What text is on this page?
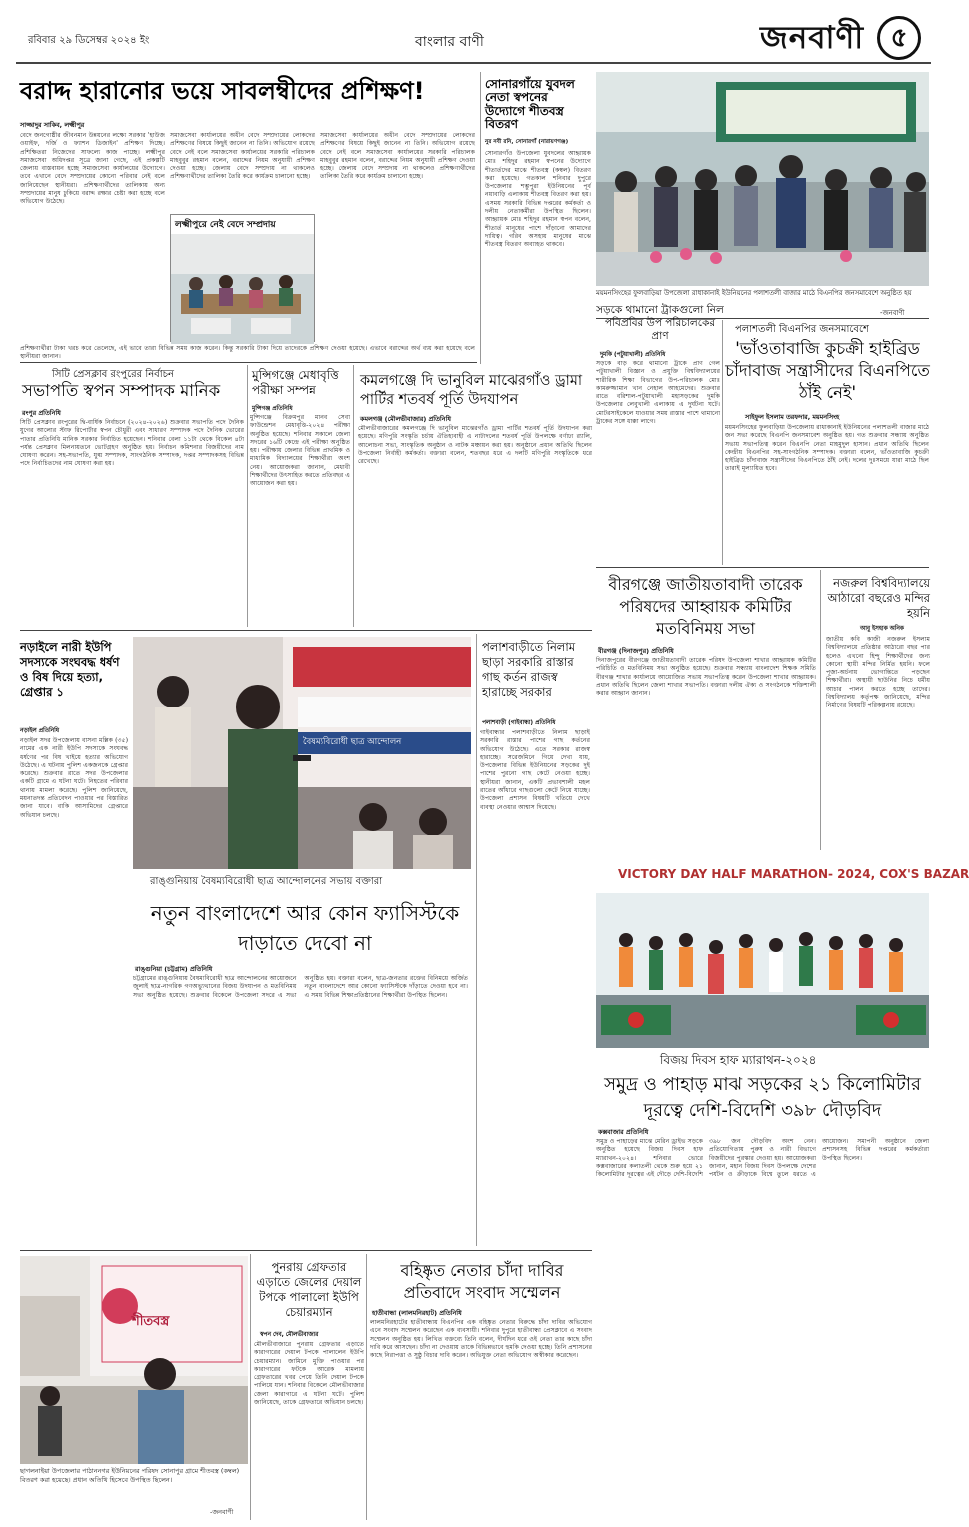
রবিবার ২৯ ডিসেম্বর ২০২৪ ইং	বাংলার বাণী	জনবাণী	৫
বরাদ্দ হারানোর ভয়ে সাবলম্বীদের প্রশিক্ষণ!
সাজ্জাদুর সাকিব, লক্ষ্মীপুর
বেদে জনগোষ্ঠীর জীবনমান উন্নয়নের লক্ষ্যে সরকার 'হাউজ ওয়াইফ, দর্জি ও ফ্যাশন ডিজাইন' প্রশিক্ষণ দিচ্ছে। প্রশিক্ষিতরা নিজেদের সাফল্যে কাজ পাচ্ছে। লক্ষ্মীপুর সমাজসেবা অধিদপ্তর সূত্রে জানা গেছে, এই প্রকল্পটি জেলায় বাস্তবায়ন হচ্ছে সমাজসেবা কার্যালয়ের উদ্যোগে। তবে এখানে বেদে সম্প্রদায়ের কোনো পরিবার নেই বলে জানিয়েছেন স্থানীয়রা। প্রশিক্ষণার্থীদের তালিকায় অন্য সম্প্রদায়ের মানুষ ঢুকিয়ে বরাদ্দ রক্ষার চেষ্টা করা হচ্ছে বলে অভিযোগ উঠেছে।
সমাজসেবা কার্যালয়ের অধীন বেদে সম্প্রদায়ের লোকদের প্রশিক্ষণের বিষয়ে কিছুই জানেন না তিনি। অভিযোগ রয়েছে বেদে নেই বলে সমাজসেবা কার্যালয়ের সরকারি পরিচালক মাহবুবুর রহমান বলেন, বরাদ্দের নিয়ম অনুযায়ী প্রশিক্ষণ দেওয়া হচ্ছে। জেলায় বেদে সম্প্রদায় না থাকলেও প্রশিক্ষণার্থীদের তালিকা তৈরি করে কার্যক্রম চালানো হচ্ছে।
সমাজসেবা কার্যালয়ের অধীন বেদে সম্প্রদায়ের লোকদের প্রশিক্ষণের বিষয়ে কিছুই জানেন না তিনি। অভিযোগ রয়েছে বেদে নেই বলে সমাজসেবা কার্যালয়ের সরকারি পরিচালক মাহবুবুর রহমান বলেন, বরাদ্দের নিয়ম অনুযায়ী প্রশিক্ষণ দেওয়া হচ্ছে। জেলায় বেদে সম্প্রদায় না থাকলেও প্রশিক্ষণার্থীদের তালিকা তৈরি করে কার্যক্রম চালানো হচ্ছে।
লক্ষ্মীপুরে নেই বেদে সম্প্রদায়
প্রশিক্ষণার্থীরা টাকা খরচ করে তেলেছে, এই ভাবে তারা বিভিন্ন সময় কাজ করেন। কিন্তু সরকারি টাকা দিয়ে তাদেরকে প্রশিক্ষণ দেওয়া হয়েছে। এভাবে বরাদ্দের অর্থ ব্যয় করা হয়েছে বলে স্থানীয়রা জানান।
সোনারগাঁয়ে যুবদল নেতা স্বপনের উদ্যোগে শীতবস্ত্র বিতরণ
নুর নবী রনি, সোনারগাঁ (নারায়ণগঞ্জ)
সোনারগাঁও উপজেলা যুবদলের আহ্বায়ক মোঃ শহিদুর রহমান স্বপনের উদ্যোগে শীতার্তদের মাঝে শীতবস্ত্র (কম্বল) বিতরণ করা হয়েছে। গতকাল শনিবার দুপুরে উপজেলার শম্ভুপুরা ইউনিয়নের পূর্ব নয়াবাড়ি এলাকায় শীতবস্ত্র বিতরণ করা হয়। এসময় সরকারি বিভিন্ন দপ্তরের কর্মকর্তা ও দলীয় নেতাকর্মীরা উপস্থিত ছিলেন। আহ্বায়ক মোঃ শহিদুর রহমান স্বপন বলেন, শীতার্ত মানুষের পাশে দাঁড়ানো আমাদের দায়িত্ব। গরিব অসহায় মানুষের মাঝে শীতবস্ত্র বিতরণ অব্যাহত থাকবে।
ময়মনসিংহের ফুলবাড়িয়া উপজেলা রাধাকানাই ইউনিয়নের পলাশতলী বাজার মাঠে বিএনপির জনসমাবেশে অনুষ্ঠিত হয়
-জনবাণী
পলাশতলী বিএনপির জনসমাবেশে
'ভাঁওতাবাজি কুচক্রী হাইব্রিড চাঁদাবাজ সন্ত্রাসীদের বিএনপিতে ঠাঁই নেই'
সাইফুল ইসলাম তরফদার, ময়মনসিংহ
ময়মনসিংহের ফুলবাড়িয়া উপজেলায় রাধাকানাই ইউনিয়নের পলাশতলী বাজার মাঠে জন সভা করেছে বিএনপি জনসমাবেশ অনুষ্ঠিত হয়। গত শুক্রবার সন্ধ্যায় অনুষ্ঠিত সভায় সভাপতিত্ব করেন বিএনপি নেতা মাহমুদুল হাসান। প্রধান অতিথি ছিলেন কেন্দ্রীয় বিএনপির সহ-সাংগঠনিক সম্পাদক। বক্তারা বলেন, ভাঁওতাবাজি কুচক্রী হাইব্রিড চাঁদাবাজ সন্ত্রাসীদের বিএনপিতে ঠাঁই নেই। দলের দুঃসময়ে যারা মাঠে ছিল তারাই মূল্যায়িত হবে।
সড়কে থামানো ট্রাকগুলো নিল পবিপ্রবির উপ পরিচালকের প্রাণ
দুমকি (পটুয়াখালী) প্রতিনিধি
সড়কে বাড় করে থামানো ট্রাকে প্রাণ গেল পটুয়াখালী বিজ্ঞান ও প্রযুক্তি বিশ্ববিদ্যালয়ের শারীরিক শিক্ষা বিভাগের উপ-পরিচালক মোঃ কামরুজ্জামান খান নেহাল আহমেদের। শুক্রবার রাতে বরিশাল-পটুয়াখালী মহাসড়কের দুমকি উপজেলার লেবুখালী এলাকায় এ দুর্ঘটনা ঘটে। মোটরসাইকেলে যাওয়ার সময় রাস্তার পাশে থামানো ট্রাকের সঙ্গে ধাক্কা লাগে।
সিটি প্রেসক্লাব রংপুরের নির্বাচন
সভাপতি স্বপন সম্পাদক মানিক
রংপুর প্রতিনিধি
সিটি প্রেসক্লাব রংপুরের দ্বি-বার্ষিক নির্বাচনে (২০২৪-২০২৬) শুক্রবার সভাপতি পদে দৈনিক যুগের আলোর স্টাফ রিপোর্টার স্বপন চৌধুরী এবং সাধারণ সম্পাদক পদে দৈনিক ভোরের পাতার প্রতিনিধি মানিক সরকার নির্বাচিত হয়েছেন। শনিবার বেলা ১১টা থেকে বিকেল ৪টা পর্যন্ত প্রেসক্লাব মিলনায়তনে ভোটগ্রহণ অনুষ্ঠিত হয়। নির্বাচন কমিশনার বিজয়ীদের নাম ঘোষণা করেন। সহ-সভাপতি, যুগ্ম সম্পাদক, সাংগঠনিক সম্পাদক, দপ্তর সম্পাদকসহ বিভিন্ন পদে নির্বাচিতদের নাম ঘোষণা করা হয়।
মুন্সিগঞ্জে মেধাবৃত্তি পরীক্ষা সম্পন্ন
মুন্সিগঞ্জ প্রতিনিধি
মুন্সিগঞ্জে বিক্রমপুর মানব সেবা ফাউন্ডেশন মেধাবৃত্তি-২০২৪ পরীক্ষা অনুষ্ঠিত হয়েছে। শনিবার সকালে জেলা সদরের ১৬টি কেন্দ্রে এই পরীক্ষা অনুষ্ঠিত হয়। পরীক্ষায় জেলার বিভিন্ন প্রাথমিক ও মাধ্যমিক বিদ্যালয়ের শিক্ষার্থীরা অংশ নেয়। আয়োজকরা জানান, মেধাবী শিক্ষার্থীদের উৎসাহিত করতে প্রতিবছর এ আয়োজন করা হয়।
কমলগঞ্জে দি ভানুবিল মাঝেরগাঁও ড্রামা পার্টির শতবর্ষ পূর্তি উদযাপন
কমলগঞ্জ (মৌলভীবাজার) প্রতিনিধি
মৌলভীবাজারের কমলগঞ্জে দি ভানুবিল মাঝেরগাঁও ড্রামা পার্টির শতবর্ষ পূর্তি উদযাপন করা হয়েছে। মণিপুরি সংস্কৃতি চর্চায় ঐতিহ্যবাহী এ নাট্যদলের শতবর্ষ পূর্তি উপলক্ষে বর্ণাঢ্য র‍্যালি, আলোচনা সভা, সাংস্কৃতিক অনুষ্ঠান ও নাটক মঞ্চায়ন করা হয়। অনুষ্ঠানে প্রধান অতিথি ছিলেন উপজেলা নির্বাহী কর্মকর্তা। বক্তারা বলেন, শতবছর ধরে এ দলটি মণিপুরি সংস্কৃতিকে ধরে রেখেছে।
নড়াইলে নারী ইউপি সদস্যকে সংঘবদ্ধ ধর্ষণ ও বিষ দিয়ে হত্যা, গ্রেপ্তার ১
নড়াইল প্রতিনিধি
নড়াইল সদর উপজেলায় বাসনা মল্লিক (৩৫) নামের এক নারী ইউপি সদস্যকে সংঘবদ্ধ ধর্ষণের পর বিষ খাইয়ে হত্যার অভিযোগ উঠেছে। এ ঘটনায় পুলিশ একজনকে গ্রেপ্তার করেছে। শুক্রবার রাতে সদর উপজেলার একটি গ্রামে এ ঘটনা ঘটে। নিহতের পরিবার থানায় মামলা করেছে। পুলিশ জানিয়েছে, ময়নাতদন্ত প্রতিবেদন পাওয়ার পর বিস্তারিত জানা যাবে। বাকি আসামিদের গ্রেপ্তারে অভিযান চলছে।
বৈষম্যবিরোধী ছাত্র আন্দোলন
রাঙ্গুনিয়ায় বৈষম্যবিরোধী ছাত্র আন্দোলনের সভায় বক্তারা
নতুন বাংলাদেশে আর কোন ফ্যাসিস্টকে দাড়াতে দেবো না
রাঙ্গুনিয়া (চট্টগ্রাম) প্রতিনিধি
চট্টগ্রামের রাঙ্গুনিয়ায় বৈষম্যবিরোধী ছাত্র আন্দোলনের আয়োজনে জুলাই ছাত্র-নাগরিক গণঅভ্যুত্থানের বিজয় উদযাপন ও মতবিনিময় সভা অনুষ্ঠিত হয়েছে। শুক্রবার বিকেলে উপজেলা সদরে এ সভা অনুষ্ঠিত হয়। বক্তারা বলেন, ছাত্র-জনতার রক্তের বিনিময়ে অর্জিত নতুন বাংলাদেশে আর কোনো ফ্যাসিস্টকে দাঁড়াতে দেওয়া হবে না। এ সময় বিভিন্ন শিক্ষাপ্রতিষ্ঠানের শিক্ষার্থীরা উপস্থিত ছিলেন।
পলাশবাড়ীতে নিলাম ছাড়া সরকারি রাস্তার গাছ কর্তন রাজস্ব হারাচ্ছে সরকার
পলাশবাড়ী (গাইবান্ধা) প্রতিনিধি
গাইবান্ধার পলাশবাড়ীতে নিলাম ছাড়াই সরকারি রাস্তার পাশের গাছ কর্তনের অভিযোগ উঠেছে। এতে সরকার রাজস্ব হারাচ্ছে। সরেজমিনে গিয়ে দেখা যায়, উপজেলার বিভিন্ন ইউনিয়নের সড়কের দুই পাশের পুরনো গাছ কেটে নেওয়া হচ্ছে। স্থানীয়রা জানান, একটি প্রভাবশালী মহল রাতের আঁধারে গাছগুলো কেটে নিয়ে যাচ্ছে। উপজেলা প্রশাসন বিষয়টি খতিয়ে দেখে ব্যবস্থা নেওয়ার আশ্বাস দিয়েছে।
বীরগঞ্জে জাতীয়তাবাদী তারেক পরিষদের আহ্বায়ক কমিটির মতবিনিময় সভা
বীরগঞ্জ (দিনাজপুর) প্রতিনিধি
দিনাজপুরের বীরগঞ্জে জাতীয়তাবাদী তারেক পরিষদ উপজেলা শাখার আহ্বায়ক কমিটির পরিচিতি ও মতবিনিময় সভা অনুষ্ঠিত হয়েছে। শুক্রবার সন্ধ্যায় বাংলাদেশ শিক্ষক সমিতি বীরগঞ্জ শাখার কার্যালয়ে আয়োজিত সভায় সভাপতিত্ব করেন উপজেলা শাখার আহ্বায়ক। প্রধান অতিথি ছিলেন জেলা শাখার সভাপতি। বক্তারা দলীয় ঐক্য ও সংগঠনকে শক্তিশালী করার আহ্বান জানান।
নজরুল বিশ্ববিদ্যালয়ে আঠারো বছরেও মন্দির হয়নি
আবু ইসহাক অনিক
জাতীয় কবি কাজী নজরুল ইসলাম বিশ্ববিদ্যালয়ে প্রতিষ্ঠার আঠারো বছর পার হলেও এখনো হিন্দু শিক্ষার্থীদের জন্য কোনো স্থায়ী মন্দির নির্মিত হয়নি। ফলে পূজা-অর্চনায় ভোগান্তিতে পড়ছেন শিক্ষার্থীরা। অস্থায়ী ছাউনির নিচে ধর্মীয় আচার পালন করতে হচ্ছে তাদের। বিশ্ববিদ্যালয় কর্তৃপক্ষ জানিয়েছে, মন্দির নির্মাণের বিষয়টি পরিকল্পনায় রয়েছে।
VICTORY DAY HALF MARATHON- 2024, COX'S BAZAR
বিজয় দিবস হাফ ম্যারাথন-২০২৪
সমুদ্র ও পাহাড় মাঝ সড়কের ২১ কিলোমিটার দূরত্বে দেশি-বিদেশি ৩৯৮ দৌড়বিদ
কক্সবাজার প্রতিনিধি
সমুদ্র ও পাহাড়ের মাঝে মেরিন ড্রাইভ সড়কে অনুষ্ঠিত হয়েছে বিজয় দিবস হাফ ম্যারাথন-২০২৪। শনিবার ভোরে কক্সবাজারের কলাতলী থেকে শুরু হয়ে ২১ কিলোমিটার দূরত্বের এই দৌড়ে দেশি-বিদেশি ৩৯৮ জন দৌড়বিদ অংশ নেন। প্রতিযোগিতায় পুরুষ ও নারী বিভাগে বিজয়ীদের পুরস্কার দেওয়া হয়। আয়োজকরা জানান, মহান বিজয় দিবস উপলক্ষে দেশের পর্যটন ও ক্রীড়াকে বিশ্বে তুলে ধরতে এ আয়োজন। সমাপনী অনুষ্ঠানে জেলা প্রশাসনসহ বিভিন্ন দপ্তরের কর্মকর্তারা উপস্থিত ছিলেন।
শীতবস্ত্র
ছাগলনাইয়া উপজেলার পাঠাননগর ইউনিয়নের পরিষদ সোনাপুর গ্রামে শীতবস্ত্র (কম্বল) বিতরণ করা হয়েছে। প্রধান অতিথি হিসেবে উপস্থিত ছিলেন।
-জনবাণী
পুনরায় গ্রেফতার এড়াতে জেলের দেয়াল টপকে পালালো ইউপি চেয়ারম্যান
স্বপন দেব, মৌলভীবাজার
মৌলভীবাজারে পুনরায় গ্রেফতার এড়াতে কারাগারের দেয়াল টপকে পালালেন ইউপি চেয়ারম্যান। জামিনে মুক্তি পাওয়ার পর কারাগারের ফটকে আরেক মামলায় গ্রেফতারের খবর পেয়ে তিনি দেয়াল টপকে পালিয়ে যান। শনিবার বিকেলে মৌলভীবাজার জেলা কারাগারে এ ঘটনা ঘটে। পুলিশ জানিয়েছে, তাকে গ্রেফতারে অভিযান চলছে।
বহিষ্কৃত নেতার চাঁদা দাবির প্রতিবাদে সংবাদ সম্মেলন
হাতীবান্ধা (লালমনিরহাট) প্রতিনিধি
লালমনিরহাটের হাতীবান্ধায় বিএনপির এক বহিষ্কৃত নেতার বিরুদ্ধে চাঁদা দাবির অভিযোগ এনে সংবাদ সম্মেলন করেছেন এক ব্যবসায়ী। শনিবার দুপুরে হাতীবান্ধা প্রেসক্লাবে এ সংবাদ সম্মেলন অনুষ্ঠিত হয়। লিখিত বক্তব্যে তিনি বলেন, দীর্ঘদিন ধরে ওই নেতা তার কাছে চাঁদা দাবি করে আসছেন। চাঁদা না দেওয়ায় তাকে বিভিন্নভাবে হুমকি দেওয়া হচ্ছে। তিনি প্রশাসনের কাছে নিরাপত্তা ও সুষ্ঠু বিচার দাবি করেন। অভিযুক্ত নেতা অভিযোগ অস্বীকার করেছেন।
